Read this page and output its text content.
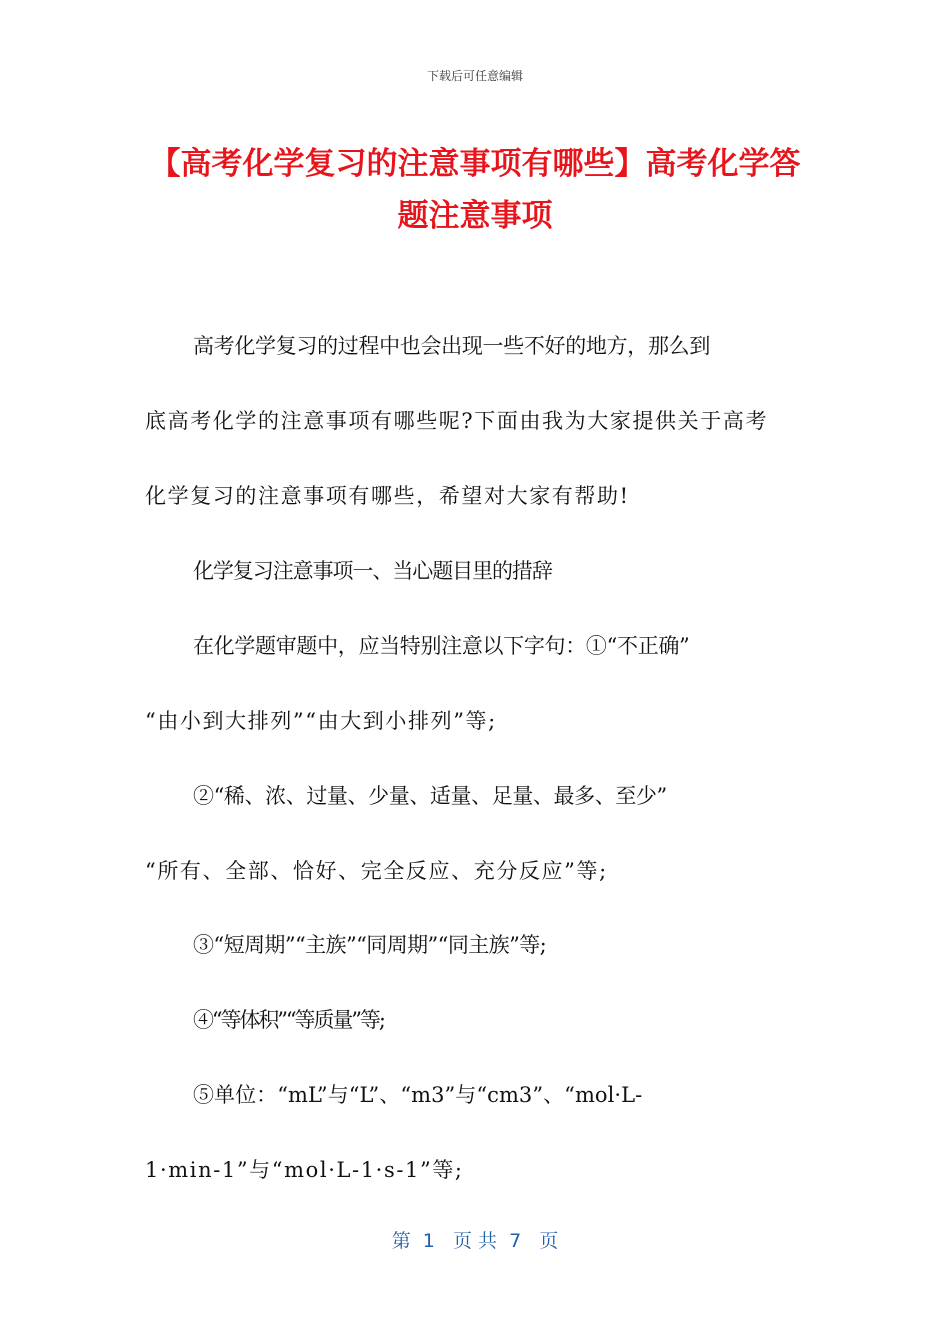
下载后可任意编辑
【高考化学复习的注意事项有哪些】高考化学答题注意事项

高考化学复习的过程中也会出现一些不好的地方，那么到

底高考化学的注意事项有哪些呢?下面由我为大家提供关于高考

化学复习的注意事项有哪些，希望对大家有帮助!

化学复习注意事项一、当心题目里的措辞

在化学题审题中，应当特别注意以下字句：①“不正确”

“由小到大排列”“由大到小排列”等;

②“稀、浓、过量、少量、适量、足量、最多、至少”

“所有、全部、恰好、完全反应、充分反应”等;

③“短周期”“主族”“同周期”“同主族”等;

④“等体积”“等质量”等;

⑤单位：“mL”与“L”、“m3”与“cm3”、“mol·L-

1·min-1”与“mol·L-1·s-1”等;

第  1   页 共  7   页
